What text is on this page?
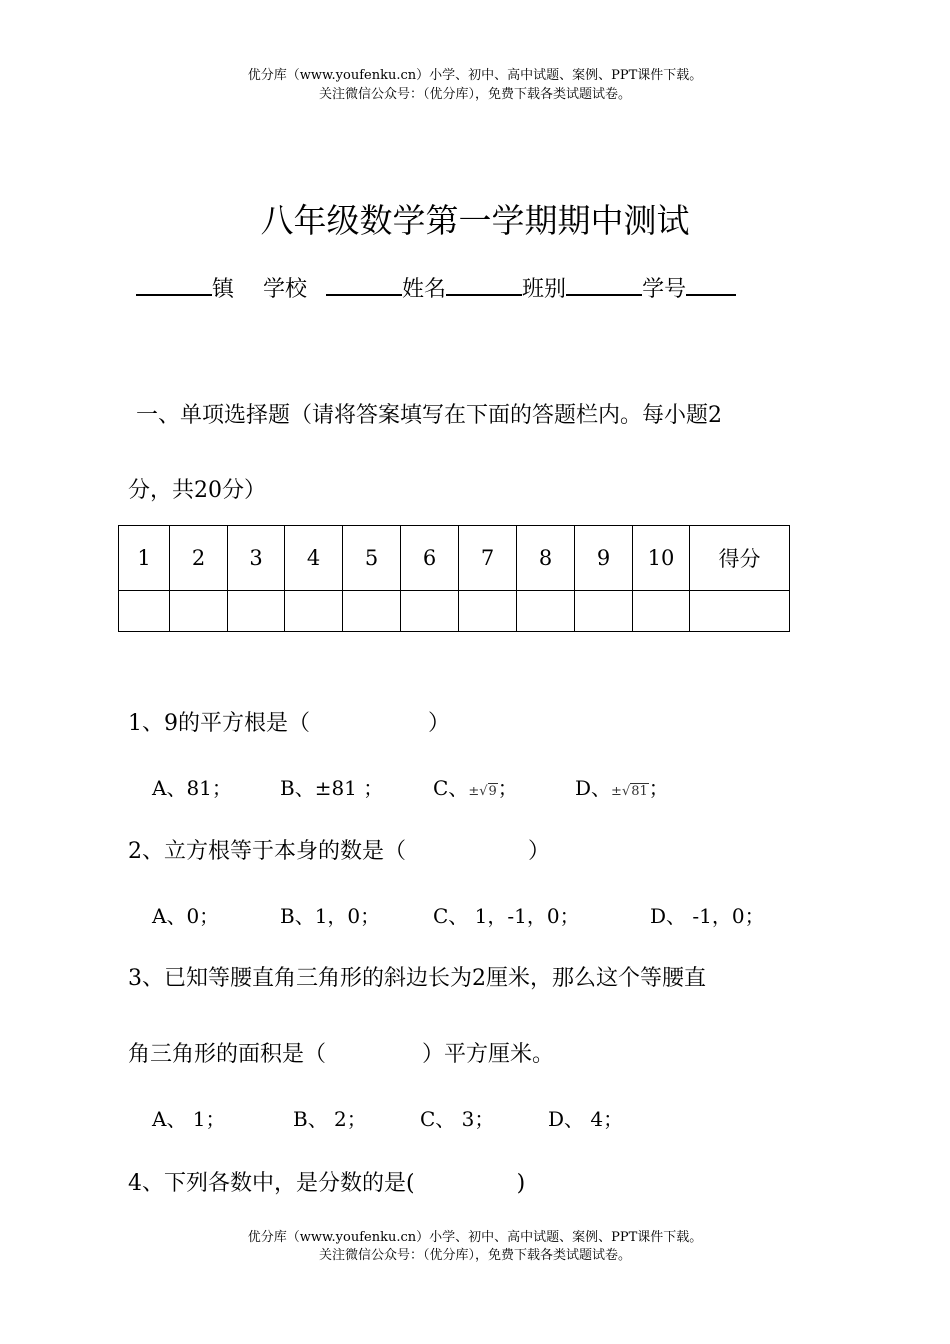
优分库（www.youfenku.cn）小学、初中、高中试题、案例、PPT课件下载。
关注微信公众号：（优分库），免费下载各类试题试卷。
八年级数学第一学期期中测试
镇 学校	姓名	班别	学号
一、单项选择题（请将答案填写在下面的答题栏内。每小题2
分，共20分）
1	2	3	4	5	6	7	8	9	10	得分

1、9的平方根是（	）
A、81； B、±81 ； C、±√9；	D、±√81；
2、立方根等于本身的数是（	）
A、0；	B、1，0；	C、 1，-1，0；	D、 -1，0；
3、已知等腰直角三角形的斜边长为2厘米，那么这个等腰直
角三角形的面积是（	）平方厘米。
A、 1；	B、 2；	C、 3；	D、 4；
4、下列各数中，是分数的是(	)
优分库（www.youfenku.cn）小学、初中、高中试题、案例、PPT课件下载。
关注微信公众号：（优分库），免费下载各类试题试卷。
